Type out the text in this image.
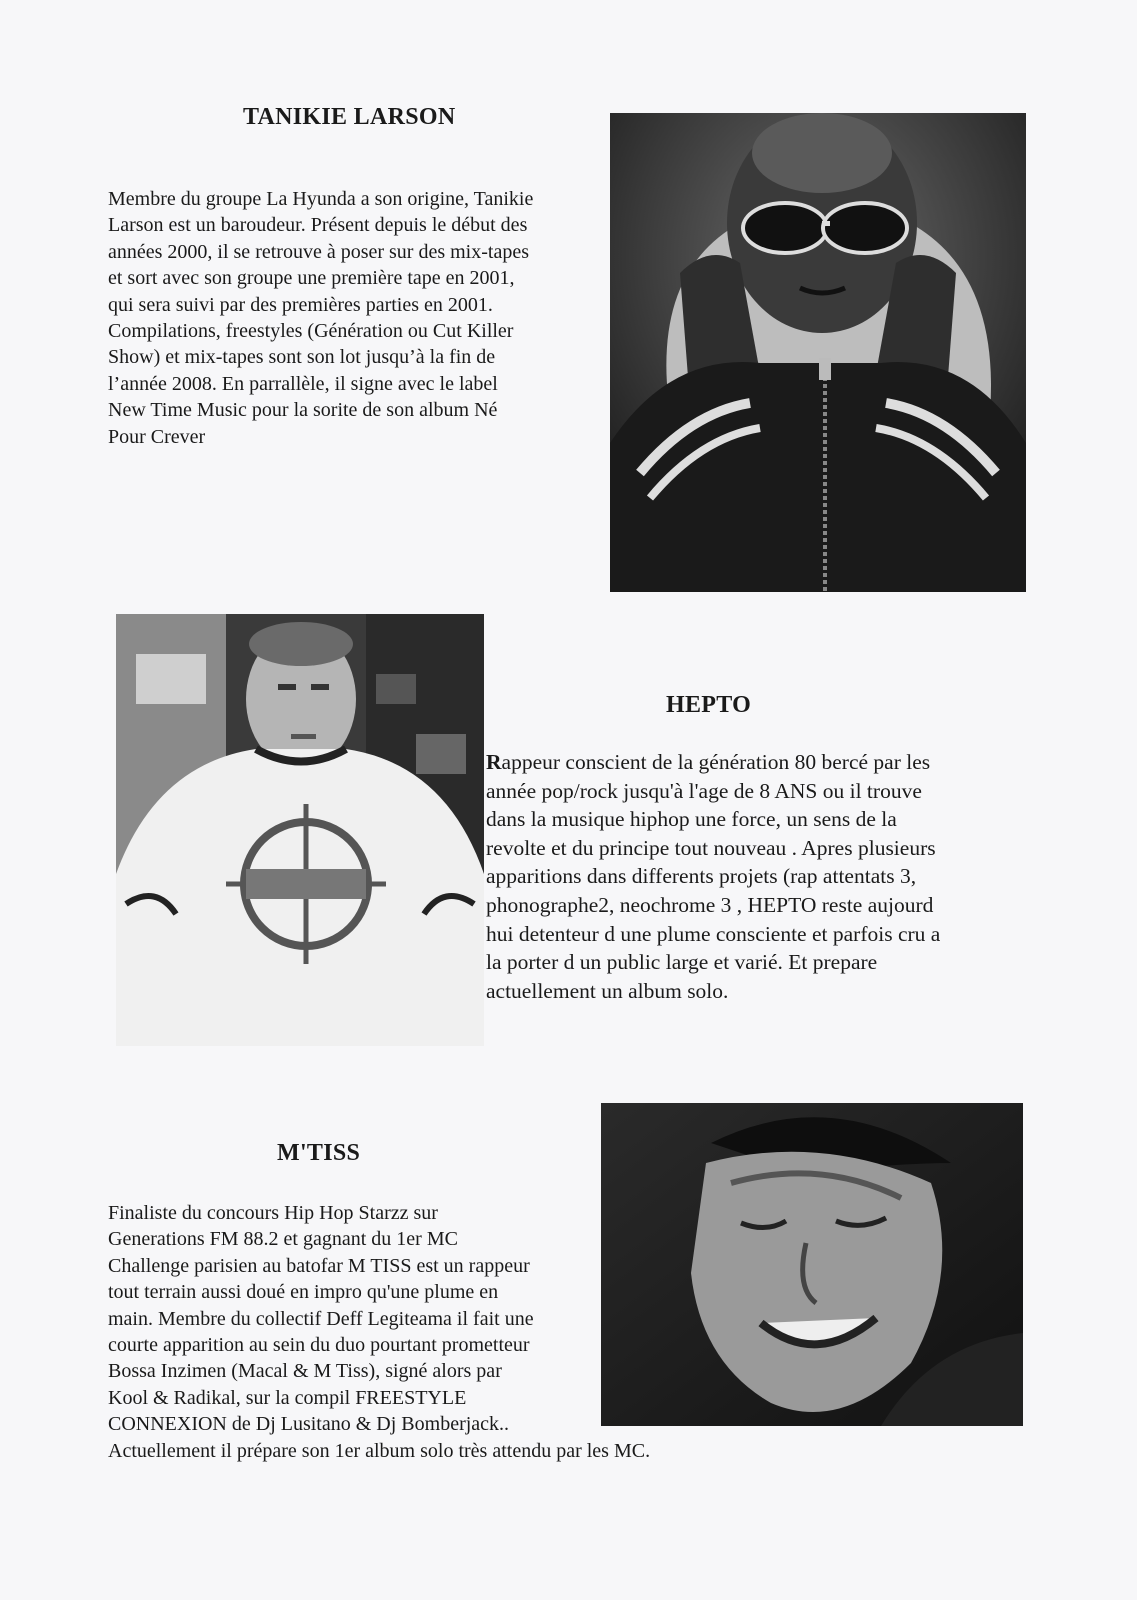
TANIKIE LARSON
Membre du groupe La Hyunda a son origine, Tanikie
Larson est un baroudeur. Présent depuis le début des
années 2000, il se retrouve à poser sur des mix-tapes
et sort avec son groupe une première tape en 2001,
qui sera suivi par des premières parties en 2001.
Compilations, freestyles (Génération ou Cut Killer
Show) et mix-tapes sont son lot jusqu’à la fin de
l’année 2008. En parrallèle, il signe avec le label
New Time Music pour la sorite de son album Né
Pour Crever
HEPTO
Rappeur conscient de la génération 80 bercé par les
année pop/rock jusqu'à l'age de 8 ANS ou il trouve
dans la musique hiphop une force, un sens de la
revolte et du principe tout nouveau . Apres plusieurs
apparitions dans differents projets (rap attentats 3,
phonographe2, neochrome 3 , HEPTO reste aujourd
hui detenteur d une plume consciente et parfois cru a
la porter d un public large et varié. Et prepare
actuellement un album solo.
M'TISS
Finaliste du concours Hip Hop Starzz sur
Generations FM 88.2 et gagnant du 1er MC
Challenge parisien au batofar M TISS est un rappeur
tout terrain aussi doué en impro qu'une plume en
main. Membre du collectif Deff Legiteama il fait une
courte apparition au sein du duo pourtant prometteur
Bossa Inzimen (Macal & M Tiss), signé alors par
Kool & Radikal, sur la compil FREESTYLE
CONNEXION de Dj Lusitano & Dj Bomberjack..
Actuellement il prépare son 1er album solo très attendu par les MC.
